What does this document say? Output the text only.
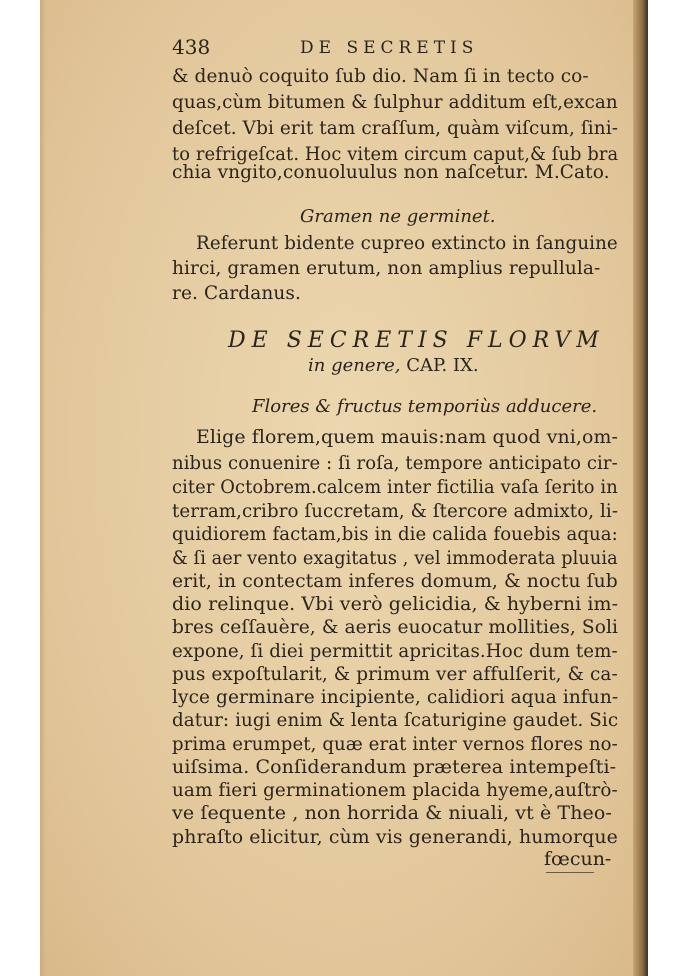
438	DE SECRETIS
& denuò coquito ſub dio. Nam ſi in tecto co-
quas,cùm bitumen & ſulphur additum eſt,excan
deſcet. Vbi erit tam craſſum, quàm viſcum, ſini-
to refrigeſcat. Hoc vitem circum caput,& ſub bra
chia vngito,conuoluulus non naſcetur. M.Cato.
Gramen ne germinet.
Referunt bidente cupreo extincto in ſanguine
hirci, gramen erutum, non amplius repullula-
re. Cardanus.
DE SECRETIS FLORVM
in genere, CAP. IX.
Flores & fructus temporiùs adducere.
Elige florem,quem mauis:nam quod vni,om-
nibus conuenire : ſi roſa, tempore anticipato cir-
citer Octobrem.calcem inter fictilia vaſa ſerito in
terram,cribro ſuccretam, & ſtercore admixto, li-
quidiorem factam,bis in die calida fouebis aqua:
& ſi aer vento exagitatus , vel immoderata pluuia
erit, in contectam inferes domum, & noctu ſub
dio relinque. Vbi verò gelicidia, & hyberni im-
bres ceſſauère, & aeris euocatur mollities, Soli
expone, ſi diei permittit apricitas.Hoc dum tem-
pus expoſtularit, & primum ver affulſerit, & ca-
lyce germinare incipiente, calidiori aqua infun-
datur: iugi enim & lenta ſcaturigine gaudet. Sic
prima erumpet, quæ erat inter vernos flores no-
uiſsima. Conſiderandum præterea intempeſti-
uam fieri germinationem placida hyeme,auſtrò-
ve ſequente , non horrida & niuali, vt è Theo-
phraſto elicitur, cùm vis generandi, humorque
fœcun-
